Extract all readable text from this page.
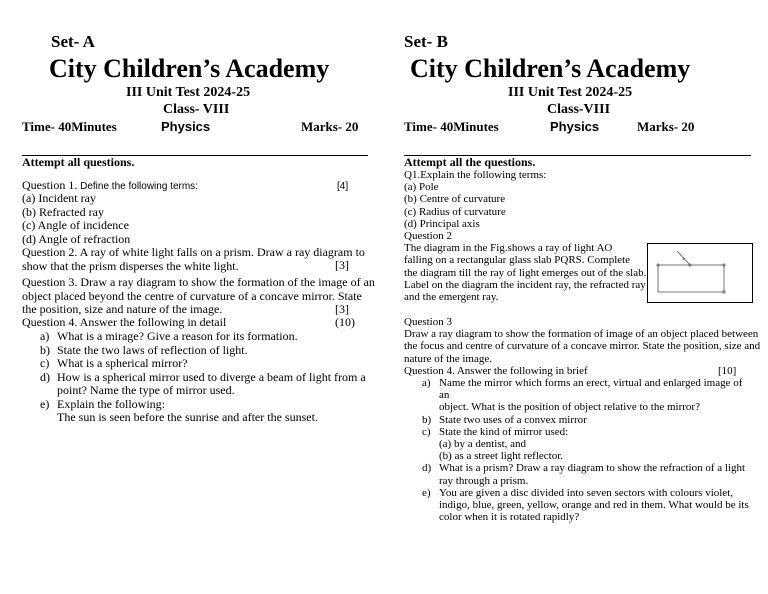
Set- A
City Children’s Academy
III Unit Test 2024-25
Class- VIII
Time- 40Minutes	Physics	Marks- 20
Attempt all questions.
Question 1. Define the following terms:	[4]
(a) Incident ray
(b) Refracted ray
(c) Angle of incidence
(d) Angle of refraction
Question 2. A ray of white light falls on a prism. Draw a ray diagram to
show that the prism disperses the white light.	[3]
Question 3. Draw a ray diagram to show the formation of the image of an
object placed beyond the centre of curvature of a concave mirror. State
the position, size and nature of the image.	[3]
Question 4. Answer the following in detail	(10)
a) What is a mirage? Give a reason for its formation.
b) State the two laws of reflection of light.
c) What is a spherical mirror?
d) How is a spherical mirror used to diverge a beam of light from a
point? Name the type of mirror used.
e) Explain the following:
The sun is seen before the sunrise and after the sunset.
Set- B
City Children’s Academy
III Unit Test 2024-25
Class-VIII
Time- 40Minutes	Physics	Marks- 20
Attempt all the questions.
Q1.Explain the following terms:
(a) Pole
(b) Centre of curvature
(c) Radius of curvature
(d) Principal axis
Question 2
The diagram in the Fig.shows a ray of light AO
falling on a rectangular glass slab PQRS. Complete
the diagram till the ray of light emerges out of the slab.
Label on the diagram the incident ray, the refracted ray
and the emergent ray.
Question 3
Draw a ray diagram to show the formation of image of an object placed between
the focus and centre of curvature of a concave mirror. State the position, size and
nature of the image.
Question 4. Answer the following in brief	[10]
a) Name the mirror which forms an erect, virtual and enlarged image of an
object. What is the position of object relative to the mirror?
b) State two uses of a convex mirror
c) State the kind of mirror used:
(a) by a dentist, and
(b) as a street light reflector.
d) What is a prism? Draw a ray diagram to show the refraction of a light
ray through a prism.
e) You are given a disc divided into seven sectors with colours violet,
indigo, blue, green, yellow, orange and red in them. What would be its
color when it is rotated rapidly?
